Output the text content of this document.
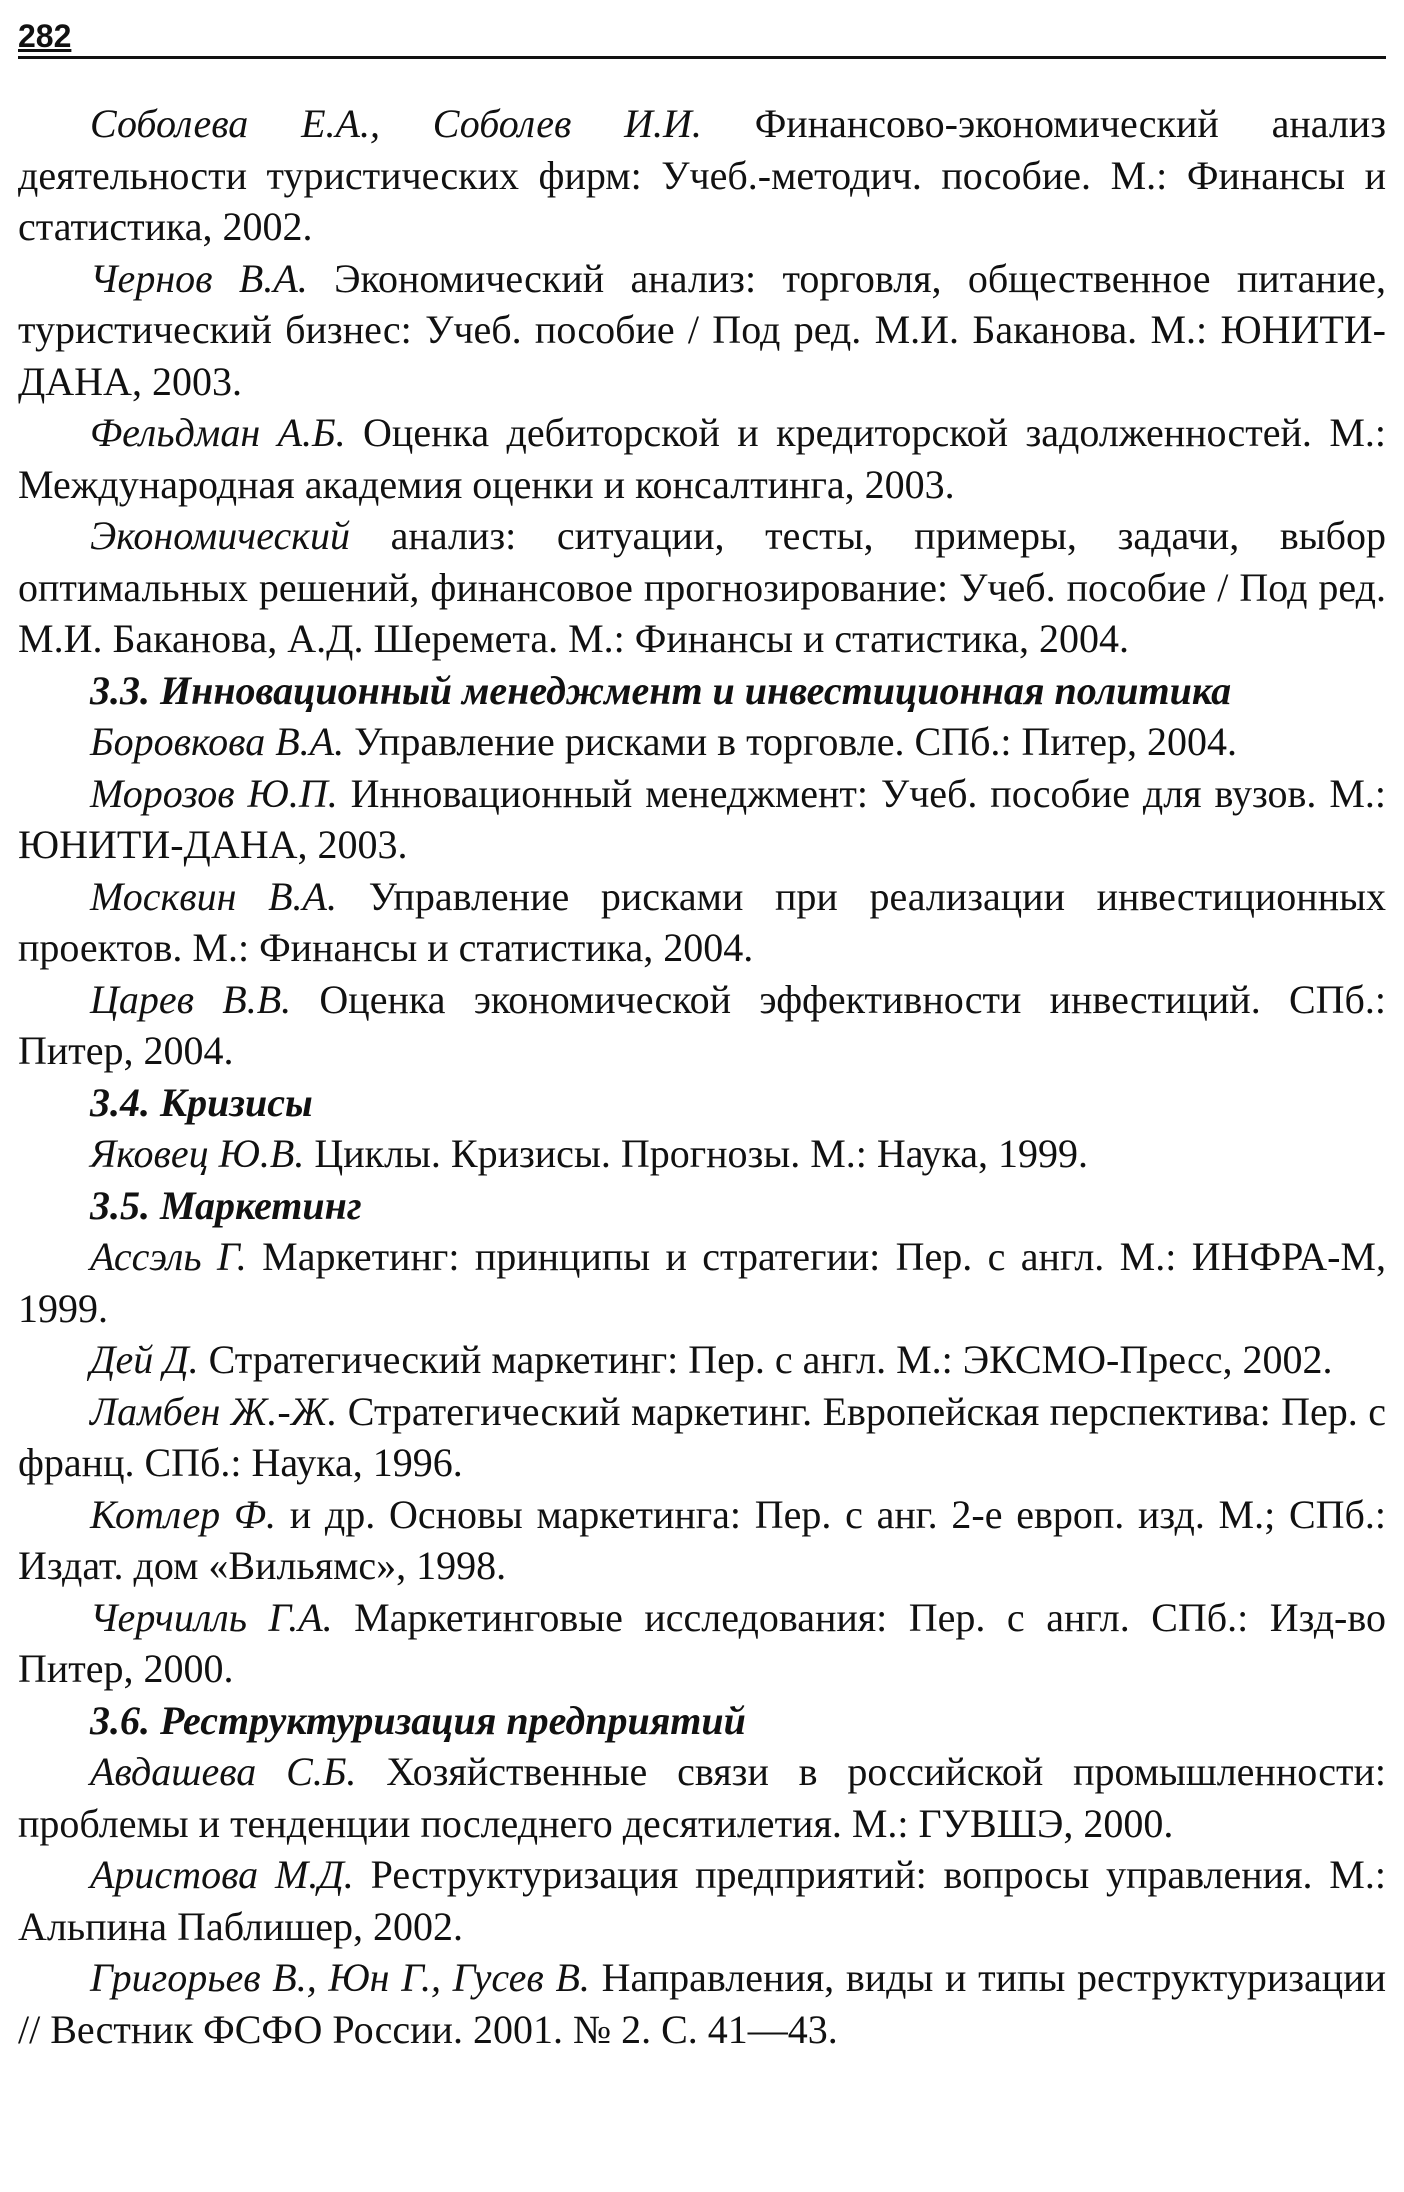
282

Соболева Е.А., Соболев И.И. Финансово-экономический анализ деятельности туристических фирм: Учеб.-методич. пособие. М.: Финансы и статистика, 2002.

Чернов В.А. Экономический анализ: торговля, общественное питание, туристический бизнес: Учеб. пособие / Под ред. М.И. Баканова. М.: ЮНИТИ-ДАНА, 2003.

Фельдман А.Б. Оценка дебиторской и кредиторской задолженностей. М.: Международная академия оценки и консалтинга, 2003.

Экономический анализ: ситуации, тесты, примеры, задачи, выбор оптимальных решений, финансовое прогнозирование: Учеб. пособие / Под ред. М.И. Баканова, А.Д. Шеремета. М.: Финансы и статистика, 2004.

3.3. Инновационный менеджмент и инвестиционная политика

Боровкова В.А. Управление рисками в торговле. СПб.: Питер, 2004.

Морозов Ю.П. Инновационный менеджмент: Учеб. пособие для вузов. М.: ЮНИТИ-ДАНА, 2003.

Москвин В.А. Управление рисками при реализации инвестиционных проектов. М.: Финансы и статистика, 2004.

Царев В.В. Оценка экономической эффективности инвестиций. СПб.: Питер, 2004.

3.4. Кризисы

Яковец Ю.В. Циклы. Кризисы. Прогнозы. М.: Наука, 1999.

3.5. Маркетинг

Ассэль Г. Маркетинг: принципы и стратегии: Пер. с англ. М.: ИНФРА-М, 1999.

Дей Д. Стратегический маркетинг: Пер. с англ. М.: ЭКСМО-Пресс, 2002.

Ламбен Ж.-Ж. Стратегический маркетинг. Европейская перспектива: Пер. с франц. СПб.: Наука, 1996.

Котлер Ф. и др. Основы маркетинга: Пер. с анг. 2-е европ. изд. М.; СПб.: Издат. дом «Вильямс», 1998.

Черчилль Г.А. Маркетинговые исследования: Пер. с англ. СПб.: Изд-во Питер, 2000.

3.6. Реструктуризация предприятий

Авдашева С.Б. Хозяйственные связи в российской промышленности: проблемы и тенденции последнего десятилетия. М.: ГУВШЭ, 2000.

Аристова М.Д. Реструктуризация предприятий: вопросы управления. М.: Альпина Паблишер, 2002.

Григорьев В., Юн Г., Гусев В. Направления, виды и типы реструктуризации // Вестник ФСФО России. 2001. № 2. С. 41—43.
